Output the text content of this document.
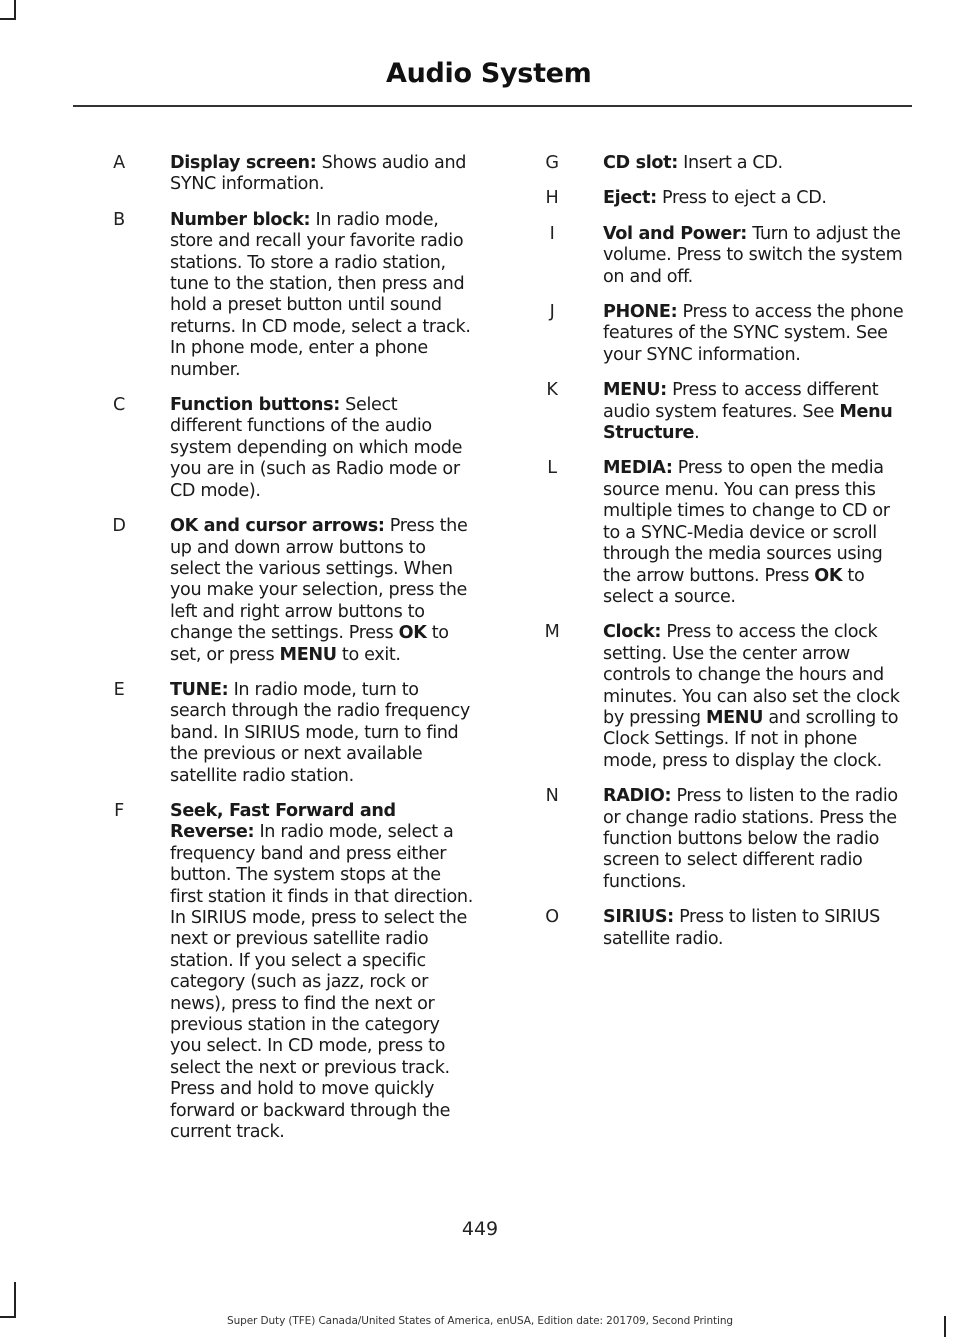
Audio System
A	Display screen: Shows audio and SYNC information.
B	Number block: In radio mode, store and recall your favorite radio stations. To store a radio station, tune to the station, then press and hold a preset button until sound returns. In CD mode, select a track. In phone mode, enter a phone number.
C	Function buttons: Select different functions of the audio system depending on which mode you are in (such as Radio mode or CD mode).
D	OK and cursor arrows: Press the up and down arrow buttons to select the various settings. When you make your selection, press the left and right arrow buttons to change the settings. Press OK to set, or press MENU to exit.
E	TUNE: In radio mode, turn to search through the radio frequency band. In SIRIUS mode, turn to find the previous or next available satellite radio station.
F	Seek, Fast Forward and Reverse: In radio mode, select a frequency band and press either button. The system stops at the first station it finds in that direction. In SIRIUS mode, press to select the next or previous satellite radio station. If you select a specific category (such as jazz, rock or news), press to find the next or previous station in the category you select. In CD mode, press to select the next or previous track. Press and hold to move quickly forward or backward through the current track.
G	CD slot: Insert a CD.
H	Eject: Press to eject a CD.
I	Vol and Power: Turn to adjust the volume. Press to switch the system on and off.
J	PHONE: Press to access the phone features of the SYNC system. See your SYNC information.
K	MENU: Press to access different audio system features. See Menu Structure.
L	MEDIA: Press to open the media source menu. You can press this multiple times to change to CD or to a SYNC-Media device or scroll through the media sources using the arrow buttons. Press OK to select a source.
M Clock: Press to access the clock setting. Use the center arrow controls to change the hours and minutes. You can also set the clock by pressing MENU and scrolling to Clock Settings. If not in phone mode, press to display the clock.
N	RADIO: Press to listen to the radio or change radio stations. Press the function buttons below the radio screen to select different radio functions.
O	SIRIUS: Press to listen to SIRIUS satellite radio.
449
Super Duty (TFE) Canada/United States of America, enUSA, Edition date: 201709, Second Printing
